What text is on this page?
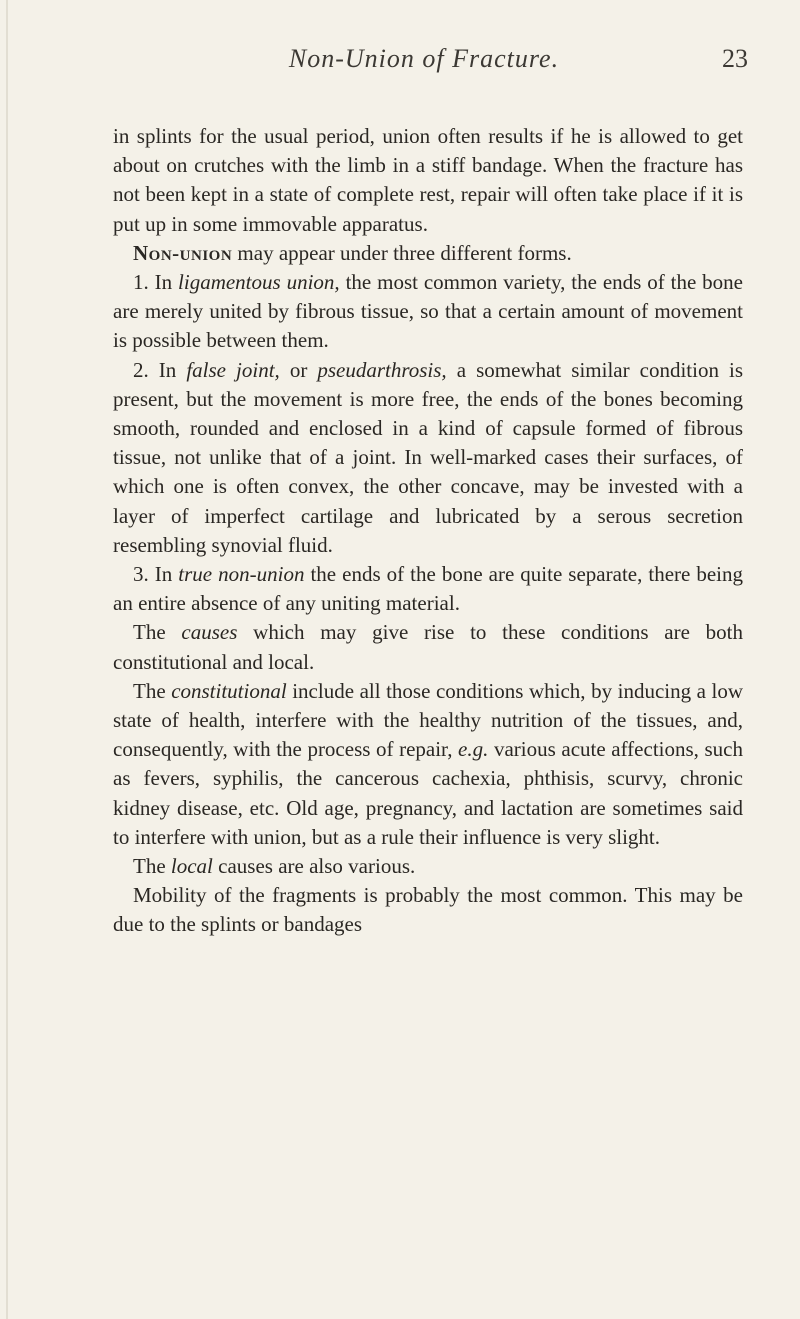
Non-Union of Fracture.	23

in splints for the usual period, union often results if he is allowed to get about on crutches with the limb in a stiff bandage. When the fracture has not been kept in a state of complete rest, repair will often take place if it is put up in some immovable apparatus.

Non-union may appear under three different forms.

1. In ligamentous union, the most common variety, the ends of the bone are merely united by fibrous tissue, so that a certain amount of movement is possible between them.

2. In false joint, or pseudarthrosis, a somewhat similar condition is present, but the movement is more free, the ends of the bones becoming smooth, rounded and enclosed in a kind of capsule formed of fibrous tissue, not unlike that of a joint. In well-marked cases their surfaces, of which one is often convex, the other concave, may be invested with a layer of imperfect cartilage and lubricated by a serous secretion resembling synovial fluid.

3. In true non-union the ends of the bone are quite separate, there being an entire absence of any uniting material.

The causes which may give rise to these conditions are both constitutional and local.

The constitutional include all those conditions which, by inducing a low state of health, interfere with the healthy nutrition of the tissues, and, consequently, with the process of repair, e.g. various acute affections, such as fevers, syphilis, the cancerous cachexia, phthisis, scurvy, chronic kidney disease, etc. Old age, pregnancy, and lactation are sometimes said to interfere with union, but as a rule their influence is very slight.

The local causes are also various.

Mobility of the fragments is probably the most common. This may be due to the splints or bandages
